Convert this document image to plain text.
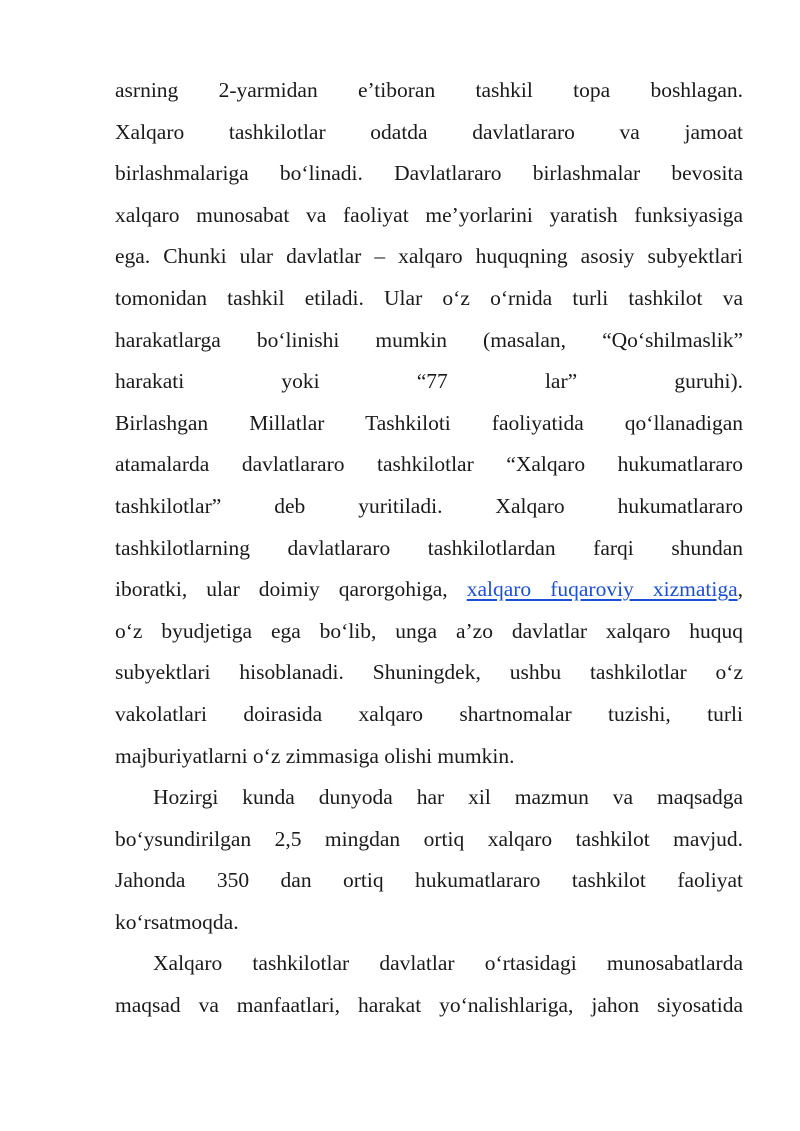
asrning 2-yarmidan e’tiboran tashkil topa boshlagan.
Xalqaro tashkilotlar odatda davlatlararo va jamoat
birlashmalariga bo‘linadi. Davlatlararo birlashmalar bevosita
xalqaro munosabat va faoliyat me’yorlarini yaratish funksiyasiga
ega. Chunki ular davlatlar – xalqaro huquqning asosiy subyektlari
tomonidan tashkil etiladi. Ular o‘z o‘rnida turli tashkilot va
harakatlarga bo‘linishi mumkin (masalan, “Qo‘shilmaslik”
harakati yoki “77 lar” guruhi).
Birlashgan Millatlar Tashkiloti faoliyatida qo‘llanadigan
atamalarda davlatlararo tashkilotlar “Xalqaro hukumatlararo
tashkilotlar” deb yuritiladi. Xalqaro hukumatlararo
tashkilotlarning davlatlararo tashkilotlardan farqi shundan
iboratki, ular doimiy qarorgohiga, xalqaro fuqaroviy xizmatiga,
o‘z byudjetiga ega bo‘lib, unga a’zo davlatlar xalqaro huquq
subyektlari hisoblanadi. Shuningdek, ushbu tashkilotlar o‘z
vakolatlari doirasida xalqaro shartnomalar tuzishi, turli
majburiyatlarni o‘z zimmasiga olishi mumkin.
Hozirgi kunda dunyoda har xil mazmun va maqsadga
bo‘ysundirilgan 2,5 mingdan ortiq xalqaro tashkilot mavjud.
Jahonda 350 dan ortiq hukumatlararo tashkilot faoliyat
ko‘rsatmoqda.
Xalqaro tashkilotlar davlatlar o‘rtasidagi munosabatlarda
maqsad va manfaatlari, harakat yo‘nalishlariga, jahon siyosatida
